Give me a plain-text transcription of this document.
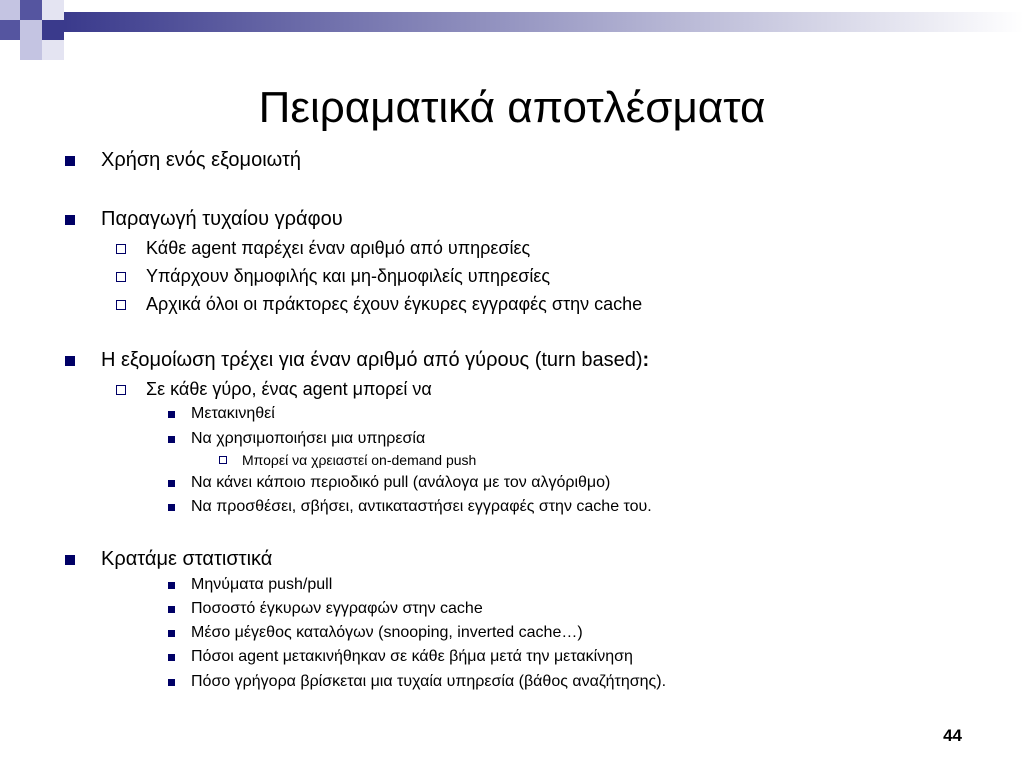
Πειραματικά αποτλέσματα
Χρήση ενός εξομοιωτή
Παραγωγή τυχαίου γράφου
Κάθε agent παρέχει έναν αριθμό από υπηρεσίες
Υπάρχουν δημοφιλής και μη-δημοφιλείς υπηρεσίες
Αρχικά όλοι οι πράκτορες έχουν έγκυρες εγγραφές στην cache
Η εξομοίωση τρέχει για έναν αριθμό από γύρους (turn based):
Σε κάθε γύρο, ένας agent μπορεί να
Μετακινηθεί
Να χρησιμοποιήσει μια υπηρεσία
Μπορεί να χρειαστεί on-demand push
Να κάνει κάποιο περιοδικό pull (ανάλογα με τον αλγόριθμο)
Να προσθέσει, σβήσει, αντικαταστήσει εγγραφές στην cache του.
Κρατάμε στατιστικά
Μηνύματα push/pull
Ποσοστό έγκυρων εγγραφών στην cache
Μέσο μέγεθος καταλόγων (snooping, inverted cache…)
Πόσοι agent μετακινήθηκαν σε κάθε βήμα μετά την μετακίνηση
Πόσο γρήγορα βρίσκεται μια τυχαία υπηρεσία (βάθος αναζήτησης).
44
